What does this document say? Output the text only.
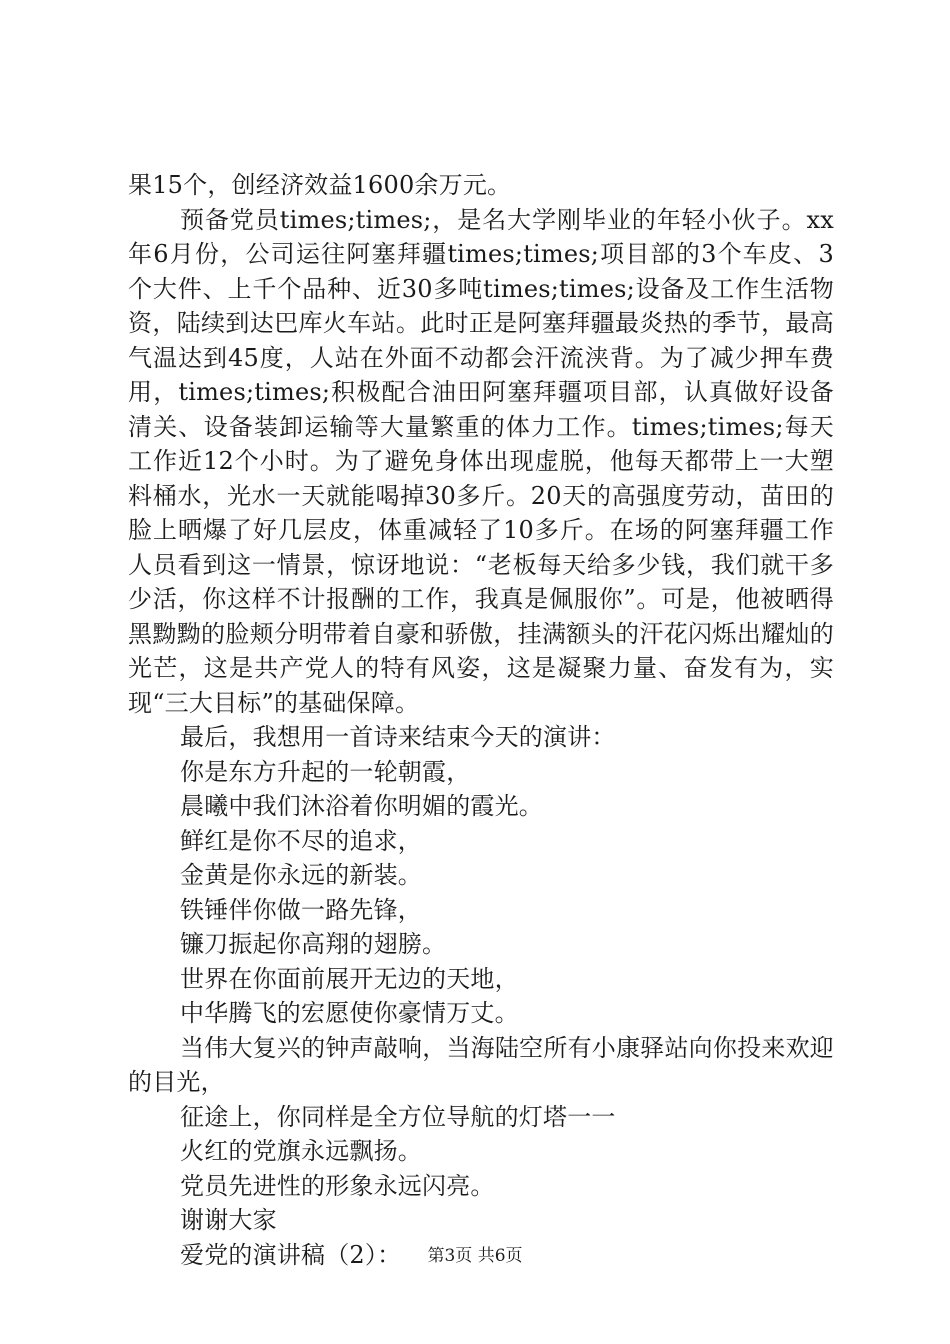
果15个，创经济效益1600余万元。

预备党员times;times;，是名大学刚毕业的年轻小伙子。xx年6月份，公司运往阿塞拜疆times;times;项目部的3个车皮、3个大件、上千个品种、近30多吨times;times;设备及工作生活物资，陆续到达巴库火车站。此时正是阿塞拜疆最炎热的季节，最高气温达到45度，人站在外面不动都会汗流浃背。为了减少押车费用，times;times;积极配合油田阿塞拜疆项目部，认真做好设备清关、设备装卸运输等大量繁重的体力工作。times;times;每天工作近12个小时。为了避免身体出现虚脱，他每天都带上一大塑料桶水，光水一天就能喝掉30多斤。20天的高强度劳动，苗田的脸上晒爆了好几层皮，体重减轻了10多斤。在场的阿塞拜疆工作人员看到这一情景，惊讶地说：“老板每天给多少钱，我们就干多少活，你这样不计报酬的工作，我真是佩服你”。可是，他被晒得黑黝黝的脸颊分明带着自豪和骄傲，挂满额头的汗花闪烁出耀灿的光芒，这是共产党人的特有风姿，这是凝聚力量、奋发有为，实现“三大目标”的基础保障。

最后，我想用一首诗来结束今天的演讲：

你是东方升起的一轮朝霞，

晨曦中我们沐浴着你明媚的霞光。

鲜红是你不尽的追求，

金黄是你永远的新装。

铁锤伴你做一路先锋，

镰刀振起你高翔的翅膀。

世界在你面前展开无边的天地，

中华腾飞的宏愿使你豪情万丈。

当伟大复兴的钟声敲响，当海陆空所有小康驿站向你投来欢迎的目光，

征途上，你同样是全方位导航的灯塔一一

火红的党旗永远飘扬。

党员先进性的形象永远闪亮。

谢谢大家

爱党的演讲稿（2）：	第3页 共6页
